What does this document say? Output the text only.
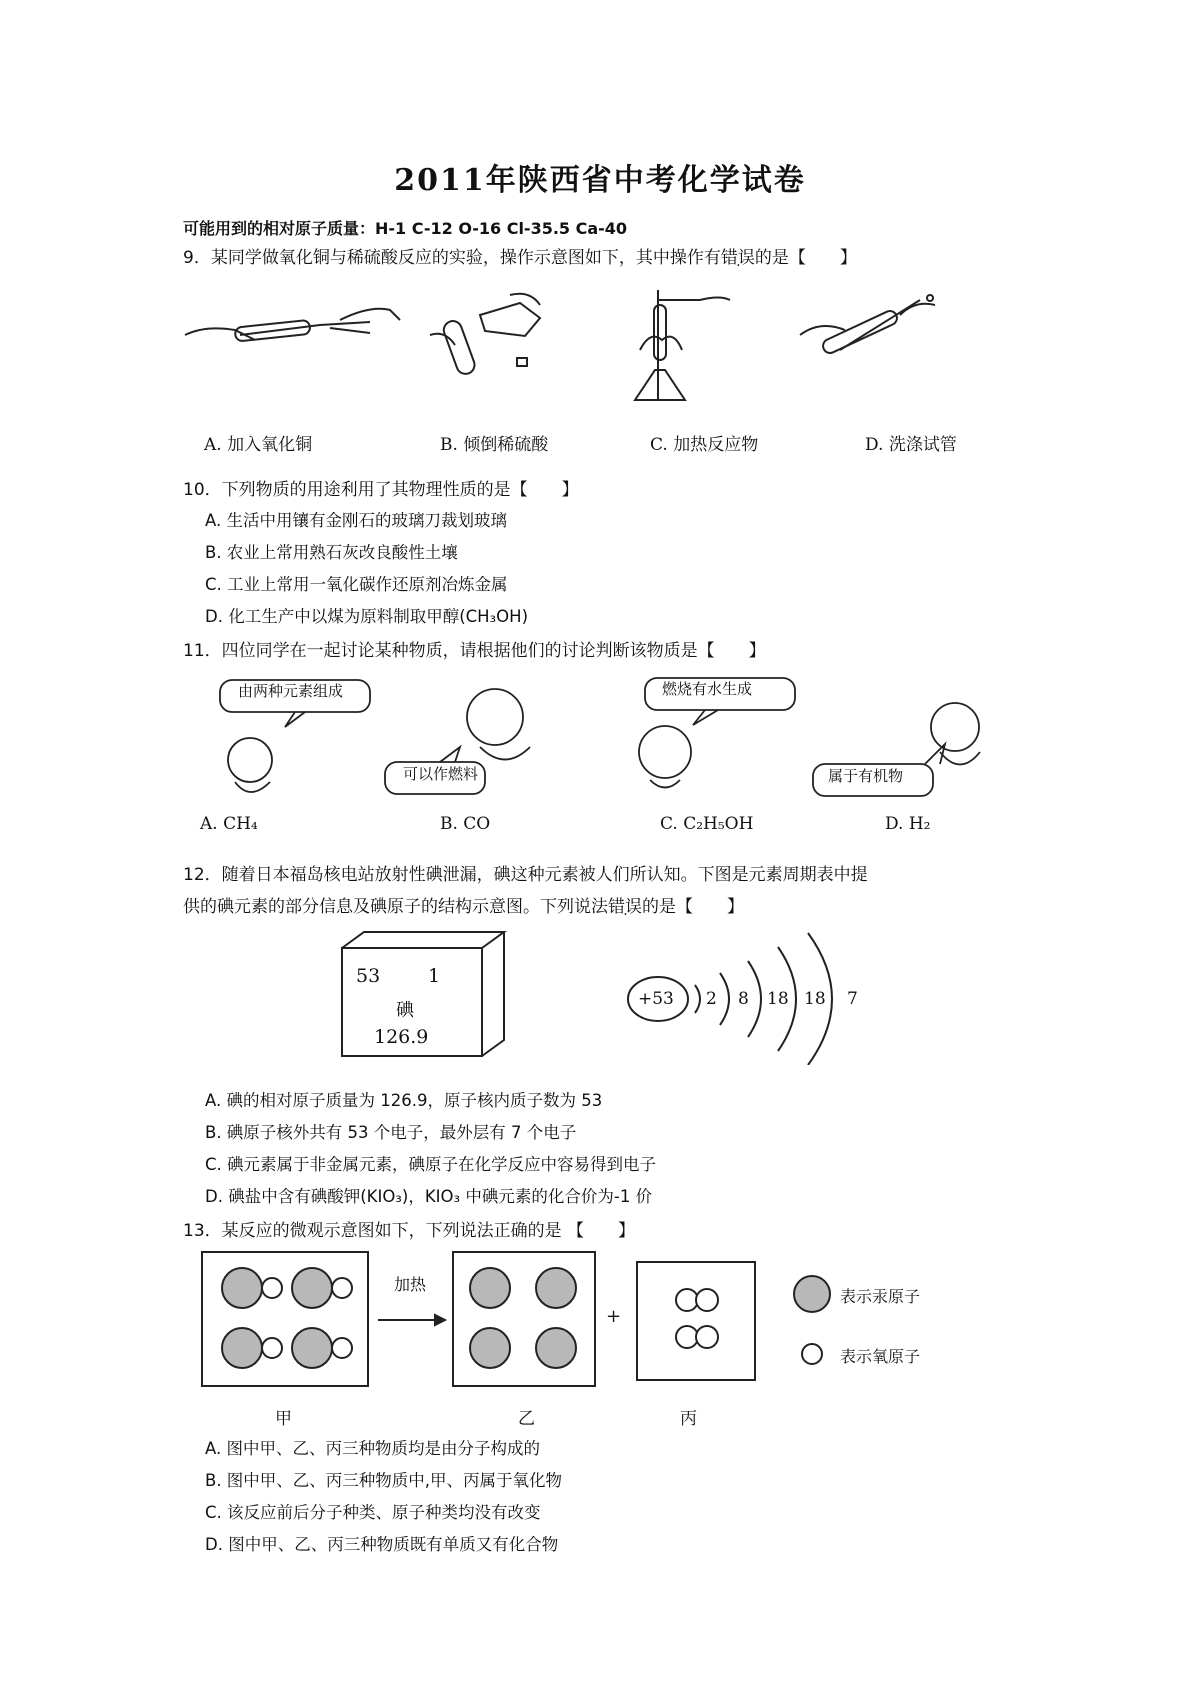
2011年陕西省中考化学试卷
可能用到的相对原子质量：H-1 C-12 O-16 Cl-35.5 Ca-40
9．某同学做氧化铜与稀硫酸反应的实验，操作示意图如下，其中操作有错误的是【　　】
A. 加入氧化铜	B. 倾倒稀硫酸	C. 加热反应物	D. 洗涤试管
10．下列物质的用途利用了其物理性质的是【　　】
A. 生活中用镶有金刚石的玻璃刀裁划玻璃
B. 农业上常用熟石灰改良酸性土壤
C. 工业上常用一氧化碳作还原剂冶炼金属
D. 化工生产中以煤为原料制取甲醇(CH₃OH)
11．四位同学在一起讨论某种物质，请根据他们的讨论判断该物质是【　　】
由两种元素组成
可以作燃料
燃烧有水生成
属于有机物
A. CH₄	B. CO	C. C₂H₅OH	D. H₂
12．随着日本福岛核电站放射性碘泄漏，碘这种元素被人们所认知。下图是元素周期表中提
供的碘元素的部分信息及碘原子的结构示意图。下列说法错误的是【　　】
53	1
碘
126.9
+53 2 8 18 18 7
A. 碘的相对原子质量为 126.9，原子核内质子数为 53
B. 碘原子核外共有 53 个电子，最外层有 7 个电子
C. 碘元素属于非金属元素，碘原子在化学反应中容易得到电子
D. 碘盐中含有碘酸钾(KIO₃)，KIO₃ 中碘元素的化合价为-1 价
13．某反应的微观示意图如下，下列说法正确的是 【　　】
加热
+
表示汞原子
表示氧原子
甲	乙	丙
A. 图中甲、乙、丙三种物质均是由分子构成的
B. 图中甲、乙、丙三种物质中,甲、丙属于氧化物
C. 该反应前后分子种类、原子种类均没有改变
D. 图中甲、乙、丙三种物质既有单质又有化合物
